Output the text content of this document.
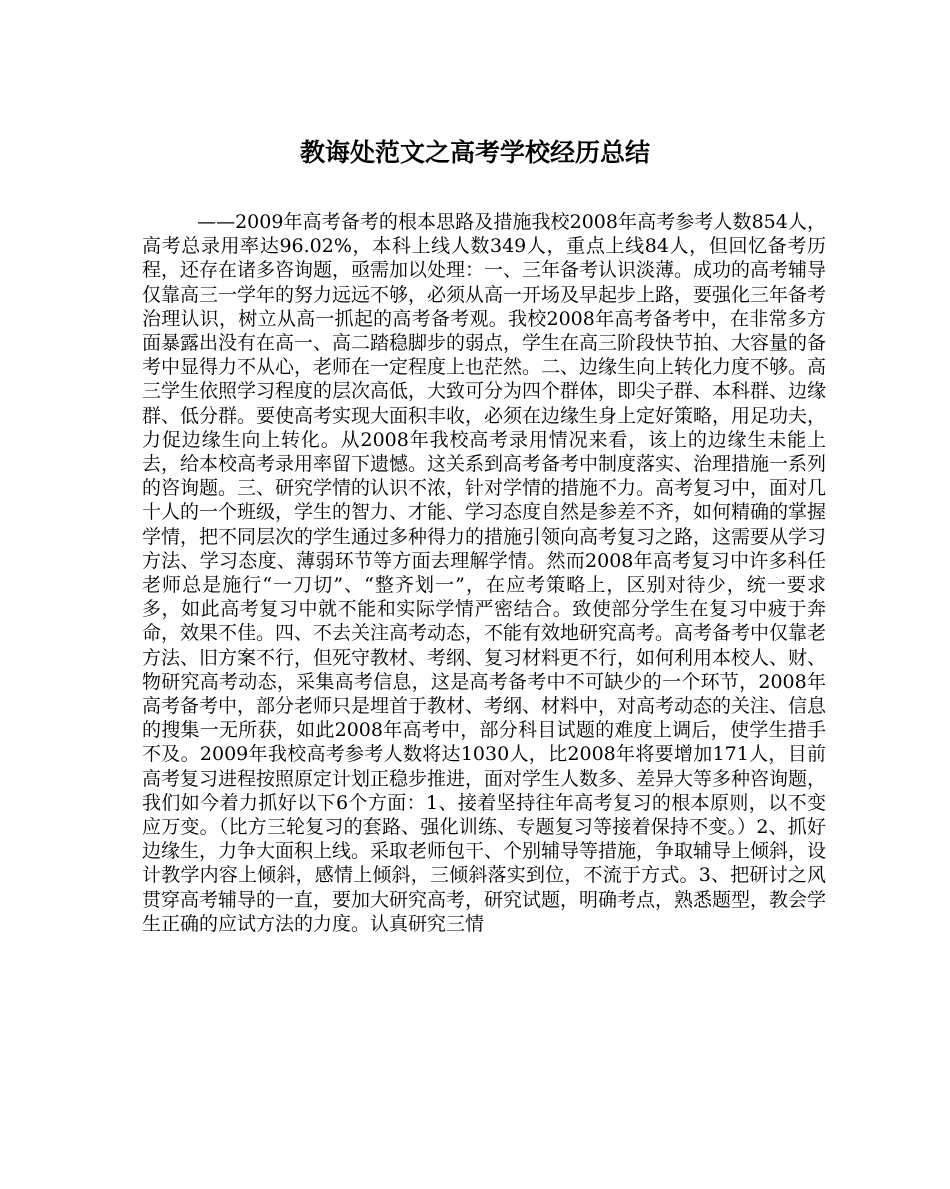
教诲处范文之高考学校经历总结

——2009年高考备考的根本思路及措施我校2008年高考参考人数854人，高考总录用率达96.02%，本科上线人数349人，重点上线84人，但回忆备考历程，还存在诸多咨询题，亟需加以处理：一、三年备考认识淡薄。成功的高考辅导仅靠高三一学年的努力远远不够，必须从高一开场及早起步上路，要强化三年备考治理认识，树立从高一抓起的高考备考观。我校2008年高考备考中，在非常多方面暴露出没有在高一、高二踏稳脚步的弱点，学生在高三阶段快节拍、大容量的备考中显得力不从心，老师在一定程度上也茫然。二、边缘生向上转化力度不够。高三学生依照学习程度的层次高低，大致可分为四个群体，即尖子群、本科群、边缘群、低分群。要使高考实现大面积丰收，必须在边缘生身上定好策略，用足功夫，力促边缘生向上转化。从2008年我校高考录用情况来看，该上的边缘生未能上去，给本校高考录用率留下遗憾。这关系到高考备考中制度落实、治理措施一系列的咨询题。三、研究学情的认识不浓，针对学情的措施不力。高考复习中，面对几十人的一个班级，学生的智力、才能、学习态度自然是参差不齐，如何精确的掌握学情，把不同层次的学生通过多种得力的措施引领向高考复习之路，这需要从学习方法、学习态度、薄弱环节等方面去理解学情。然而2008年高考复习中许多科任老师总是施行“一刀切”、“整齐划一”，在应考策略上，区别对待少，统一要求多，如此高考复习中就不能和实际学情严密结合。致使部分学生在复习中疲于奔命，效果不佳。四、不去关注高考动态，不能有效地研究高考。高考备考中仅靠老方法、旧方案不行，但死守教材、考纲、复习材料更不行，如何利用本校人、财、物研究高考动态，采集高考信息，这是高考备考中不可缺少的一个环节，2008年高考备考中，部分老师只是埋首于教材、考纲、材料中，对高考动态的关注、信息的搜集一无所获，如此2008年高考中，部分科目试题的难度上调后，使学生措手不及。2009年我校高考参考人数将达1030人，比2008年将要增加171人，目前高考复习进程按照原定计划正稳步推进，面对学生人数多、差异大等多种咨询题，我们如今着力抓好以下6个方面：1、接着坚持往年高考复习的根本原则，以不变应万变。（比方三轮复习的套路、强化训练、专题复习等接着保持不变。）2、抓好边缘生，力争大面积上线。采取老师包干、个别辅导等措施，争取辅导上倾斜，设计教学内容上倾斜，感情上倾斜，三倾斜落实到位，不流于方式。3、把研讨之风贯穿高考辅导的一直，要加大研究高考，研究试题，明确考点，熟悉题型，教会学生正确的应试方法的力度。认真研究三情
